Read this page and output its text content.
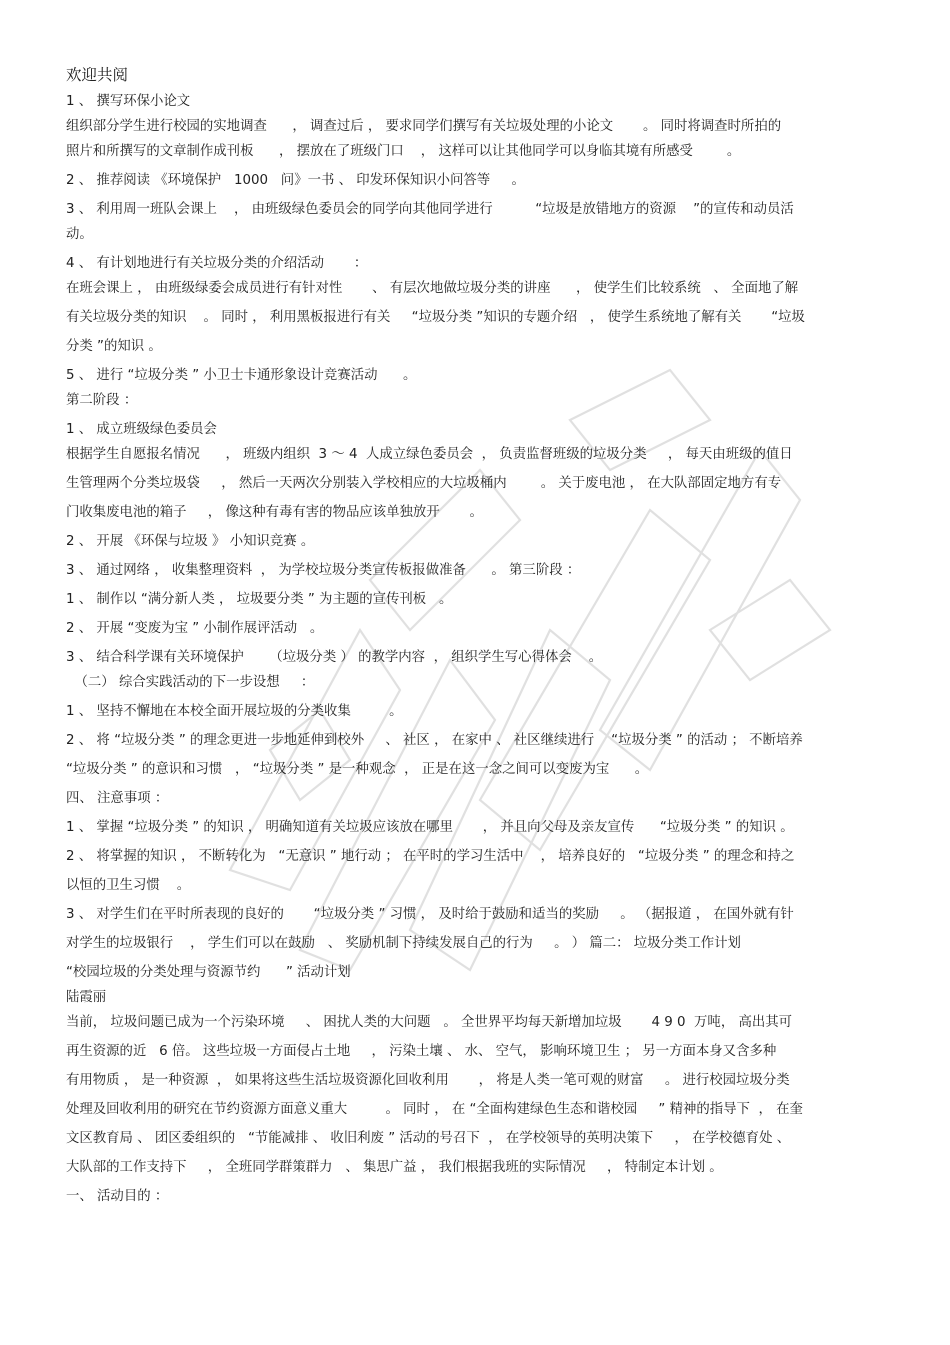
欢迎共阅

1 、 撰写环保小论文

组织部分学生进行校园的实地调查      ， 调查过后 ， 要求同学们撰写有关垃圾处理的小论文       。 同时将调查时所拍的

照片和所撰写的文章制作成刊板      ， 摆放在了班级门口    ， 这样可以让其他同学可以身临其境有所感受        。

2 、 推荐阅读 《环境保护   1000   问》一书 、 印发环保知识小问答等     。

3 、 利用周一班队会课上    ， 由班级绿色委员会的同学向其他同学进行          “垃圾是放错地方的资源    ”的宣传和动员活

动。

4 、 有计划地进行有关垃圾分类的介绍活动       ：

在班会课上 ， 由班级绿委会成员进行有针对性       、 有层次地做垃圾分类的讲座      ， 使学生们比较系统   、 全面地了解

有关垃圾分类的知识    。 同时 ， 利用黑板报进行有关     “垃圾分类 ”知识的专题介绍   ， 使学生系统地了解有关       “垃圾

分类 ”的知识 。

5 、 进行 “垃圾分类 ” 小卫士卡通形象设计竞赛活动      。

第二阶段 ：

1 、 成立班级绿色委员会

根据学生自愿报名情况      ， 班级内组织  3 ～ 4  人成立绿色委员会  ， 负责监督班级的垃圾分类     ， 每天由班级的值日

生管理两个分类垃圾袋     ， 然后一天两次分别装入学校相应的大垃圾桶内        。 关于废电池 ， 在大队部固定地方有专

门收集废电池的箱子     ， 像这种有毒有害的物品应该单独放开       。

2 、 开展 《环保与垃圾 》 小知识竞赛 。

3 、 通过网络 ， 收集整理资料  ， 为学校垃圾分类宣传板报做准备      。 第三阶段 ：

1 、 制作以 “满分新人类 ， 垃圾要分类 ” 为主题的宣传刊板   。

2 、 开展 “变废为宝 ” 小制作展评活动   。

3 、 结合科学课有关环境保护      （垃圾分类 ） 的教学内容  ， 组织学生写心得体会    。

（二） 综合实践活动的下一步设想     ：

1 、 坚持不懈地在本校全面开展垃圾的分类收集         。

2 、 将 “垃圾分类 ” 的理念更进一步地延伸到校外     、 社区 ， 在家中 、 社区继续进行    “垃圾分类 ” 的活动 ； 不断培养

“垃圾分类 ” 的意识和习惯   ， “垃圾分类 ” 是一种观念  ， 正是在这一念之间可以变废为宝      。

四、 注意事项 ：

1 、 掌握 “垃圾分类 ” 的知识 ， 明确知道有关垃圾应该放在哪里       ， 并且向父母及亲友宣传      “垃圾分类 ” 的知识 。

2 、 将掌握的知识 ， 不断转化为   “无意识 ” 地行动 ； 在平时的学习生活中    ， 培养良好的   “垃圾分类 ” 的理念和持之

以恒的卫生习惯    。

3 、 对学生们在平时所表现的良好的       “垃圾分类 ” 习惯 ， 及时给于鼓励和适当的奖励     。 （据报道 ， 在国外就有针

对学生的垃圾银行    ， 学生们可以在鼓励   、 奖励机制下持续发展自己的行为     。 ） 篇二： 垃圾分类工作计划

“校园垃圾的分类处理与资源节约      ” 活动计划

陆霞丽

当前， 垃圾问题已成为一个污染环境     、 困扰人类的大问题   。 全世界平均每天新增加垃圾       4 9 0  万吨， 高出其可

再生资源的近   6 倍。 这些垃圾一方面侵占土地     ， 污染土壤 、 水、 空气， 影响环境卫生 ； 另一方面本身又含多种

有用物质 ， 是一种资源  ， 如果将这些生活垃圾资源化回收利用       ， 将是人类一笔可观的财富     。 进行校园垃圾分类

处理及回收利用的研究在节约资源方面意义重大         。 同时 ， 在 “全面构建绿色生态和谐校园     ” 精神的指导下  ， 在奎

文区教育局 、 团区委组织的   “节能减排 、 收旧利废 ” 活动的号召下  ， 在学校领导的英明决策下     ， 在学校德育处 、

大队部的工作支持下     ， 全班同学群策群力   、 集思广益 ， 我们根据我班的实际情况     ， 特制定本计划 。

一、 活动目的 ：
